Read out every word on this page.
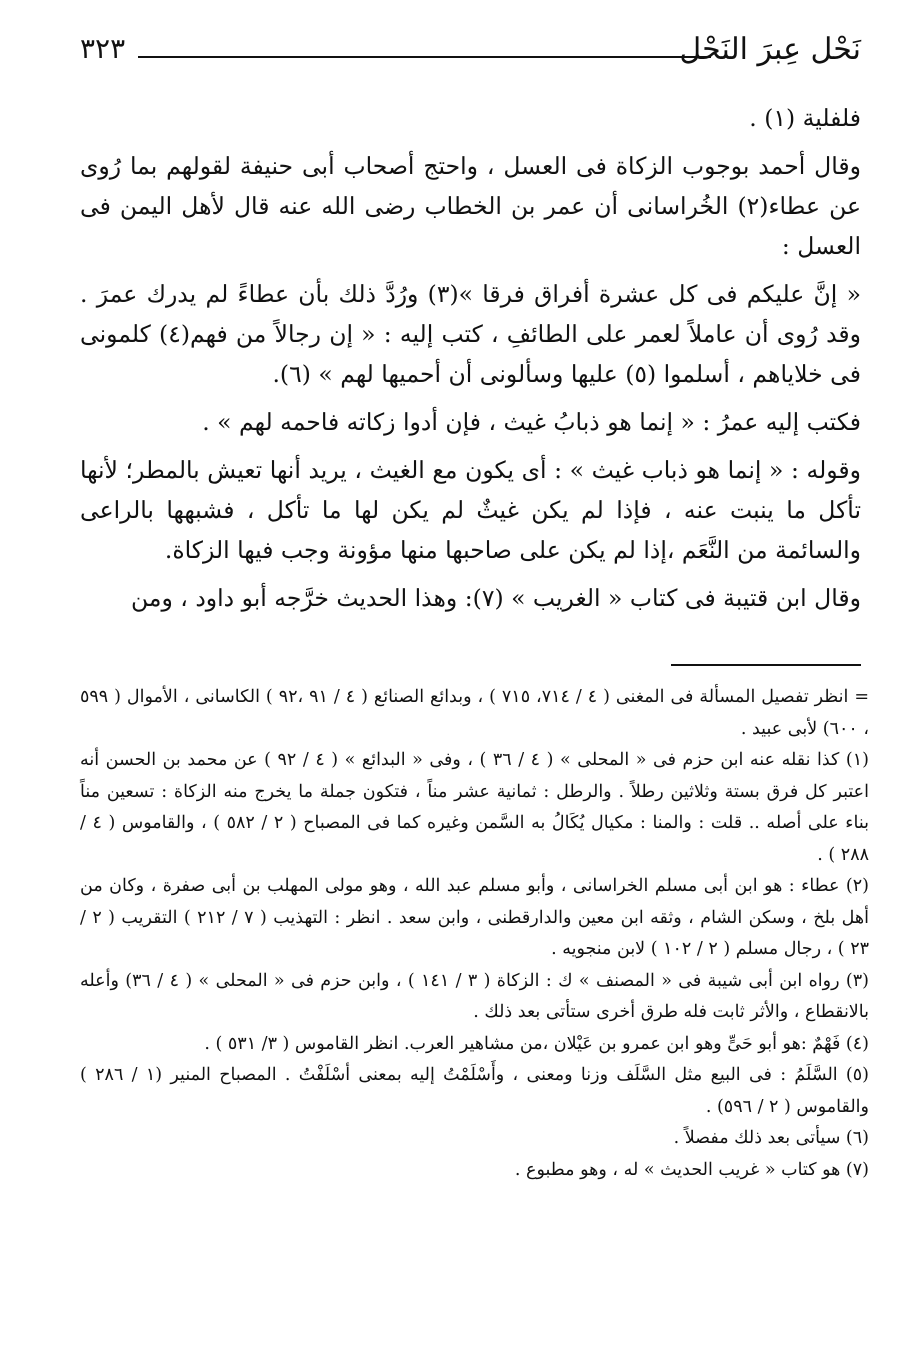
نَحْل عِبرَ النَحْل
٣٢٣

فلفلية (١) .

وقال أحمد بوجوب الزكاة فى العسل ، واحتج أصحاب أبى حنيفة لقولهم بما رُوى عن عطاء(٢) الخُراسانى أن عمر بن الخطاب رضى الله عنه قال لأهل اليمن فى العسل :

« إنَّ عليكم فى كل عشرة أفراق فرقا »(٣) ورُدَّ ذلك بأن عطاءً لم يدرك عمرَ . وقد رُوى أن عاملاً لعمر على الطائفِ ، كتب إليه : « إن رجالاً من فهم(٤) كلمونى فى خلاياهم ، أسلموا (٥) عليها وسألونى أن أحميها لهم » (٦).

فكتب إليه عمرُ : « إنما هو ذبابُ غيث ، فإن أدوا زكاته فاحمه لهم » .

وقوله : « إنما هو ذباب غيث » : أى يكون مع الغيث ، يريد أنها تعيش بالمطر؛ لأنها تأكل ما ينبت عنه ، فإذا لم يكن غيثٌ لم يكن لها ما تأكل ، فشبهها بالراعى والسائمة من النَّعَم ،إذا لم يكن على صاحبها منها مؤونة وجب فيها الزكاة.

وقال ابن قتيبة فى كتاب « الغريب » (٧): وهذا الحديث خرَّجه أبو داود ، ومن

= انظر تفصيل المسألة فى المغنى ( ٤ / ٧١٤، ٧١٥ ) ، وبدائع الصنائع ( ٤ / ٩١ ،٩٢ ) الكاسانى ، الأموال ( ٥٩٩ ، ٦٠٠) لأبى عبيد .

(١) كذا نقله عنه ابن حزم فى « المحلى » ( ٤ / ٣٦ ) ، وفى « البدائع » ( ٤ / ٩٢ ) عن محمد بن الحسن أنه اعتبر كل فرق بستة وثلاثين رطلاً . والرطل : ثمانية عشر مناً ، فتكون جملة ما يخرج منه الزكاة : تسعين مناً بناء على أصله .. قلت : والمنا : مكيال يُكَالُ به السَّمن وغيره كما فى المصباح ( ٢ / ٥٨٢ ) ، والقاموس ( ٤ / ٢٨٨ ) .

(٢) عطاء : هو ابن أبى مسلم الخراسانى ، وأبو مسلم عبد الله ، وهو مولى المهلب بن أبى صفرة ، وكان من أهل بلخ ، وسكن الشام ، وثقه ابن معين والدارقطنى ، وابن سعد . انظر : التهذيب ( ٧ / ٢١٢ ) التقريب ( ٢ / ٢٣ ) ، رجال مسلم ( ٢ / ١٠٢ ) لابن منجويه .

(٣) رواه ابن أبى شيبة فى « المصنف » ك : الزكاة ( ٣ / ١٤١ ) ، وابن حزم فى « المحلى » ( ٤ / ٣٦) وأعله بالانقطاع ، والأثر ثابت فله طرق أخرى ستأتى بعد ذلك .

(٤) فَهْمٌ :هو أبو حَىٍّ وهو ابن عمرو بن عَيْلان ،من مشاهير العرب. انظر القاموس ( ٣/ ٥٣١ ) .

(٥) السَّلَمُ : فى البيع مثل السَّلَف وزنا ومعنى ، وأَسْلَمْتُ إليه بمعنى أسْلَفْتُ . المصباح المنير (١ / ٢٨٦ ) والقاموس ( ٢ / ٥٩٦) .

(٦) سيأتى بعد ذلك مفصلاً .

(٧) هو كتاب « غريب الحديث » له ، وهو مطبوع .
